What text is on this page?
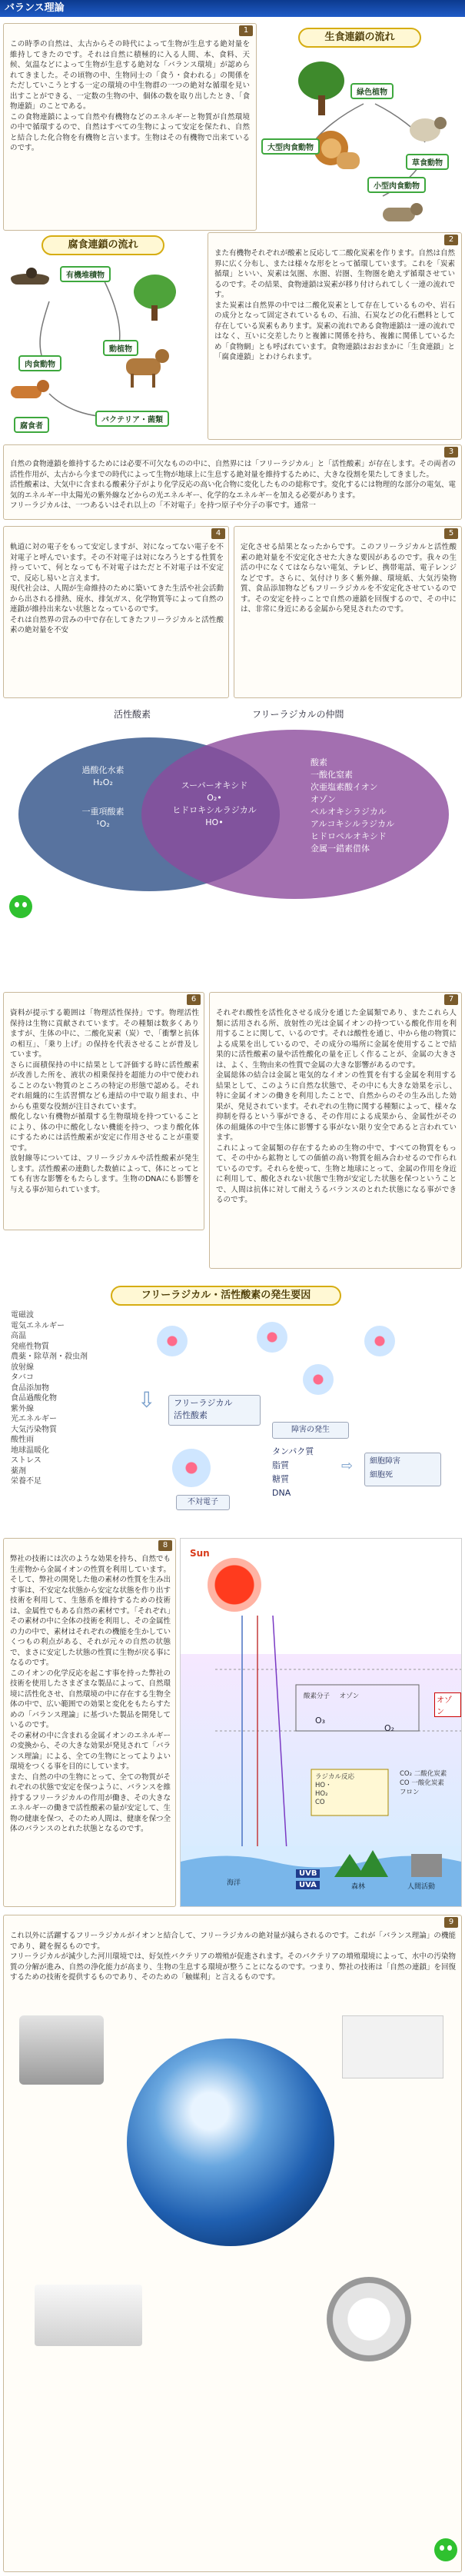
バランス理論
1
この時季の自然は、太古からその時代によって生物が生息する絶対量を維持してきたのです。それは自然に積極的に入る人間、本、食料、天候、気温などによって生物が生息する絶対な「バランス環境」が認められてきました。その頃物の中、生物同士の「食う・食われる」の関係をただしていこうとする一定の環境の中生物群の一つの絶対な循環を見い出すことができる、一定数の生物の中、個体の数を取り出したとき、「食物連鎖」のことである。
この食物連鎖によって自然や有機物などのエネルギーと物質が自然環境の中で循環するので、自然はすべての生物によって安定を保たれ、自然と結合した化合物を有機物と言います。生物はその有機物で出来ているのです。
生食連鎖の流れ
緑色植物
大型肉食動物
草食動物
小型肉食動物
腐食連鎖の流れ
有機堆積物
動植物
肉食動物
腐食者
バクテリア・菌類
2
また有機物それぞれが酸素と反応して二酸化炭素を作ります。自然は自然界に広く分布し、または様々な形をとって循環しています。これを「炭素循環」といい、炭素は気圏、水圏、岩圏、生物圏を絶えず循環させているのです。その結果、食物連鎖は炭素が移り付けられてしく一連の流れです。
また炭素は自然界の中では二酸化炭素として存在しているものや、岩石の成分となって固定されているもの、石油、石炭などの化石燃料として存在している炭素もあります。炭素の流れである食物連鎖は一連の流れではなく、互いに交差したりと複雑に関係を持ち、複雑に関係しているため「食物網」とも呼ばれています。食物連鎖はおおまかに「生食連鎖」と「腐食連鎖」とわけられます。
3
自然の食物連鎖を維持するためには必要不可欠なものの中に、自然界には「フリーラジカル」と「活性酸素」が存在します。その両者の活性作用が、太古から今までの時代によって生物が地球上に生息する絶対量を維持するために、大きな役割を果たしてきました。
活性酸素は、大気中に含まれる酸素分子がより化学反応の高い化合物に変化したものの総称です。変化するには物理的な部分の電気、電気的エネルギー中太陽光の紫外線などからの光エネルギー、化学的なエネルギーを加える必要があります。
フリーラジカルは、一つあるいはそれ以上の「不対電子」を持つ原子や分子の事です。通常一
4
軌道に対の電子をもって安定しますが、対になってない電子を不対電子と呼んでいます。その不対電子は対になろうとする性質を持っていて、何となっても不対電子はただと不対電子は不安定で、反応し易いと言えます。
現代社会は、人間が生命維持のために築いてきた生活や社会活動から出される排熱、廃水、排気ガス、化学物質等によって自然の連鎖が維持出来ない状態となっているのです。
それは自然界の営みの中で存在してきたフリーラジカルと活性酸素の絶対量を不安
5
定化させる結果となったからです。このフリーラジカルと活性酸素の絶対量を不安定化させた大きな要因があるのです。我々の生活の中になくてはならない電気、テレビ、携帯電話、電子レンジなどです。さらに、気付けり多く紫外線、環境紙、大気汚染物質、食品添加物などもフリーラジカルを不安定化させているのです。その安定を持っことで自然の連鎖を回復するので、その中には、非常に身近にある金属から発見されたのです。
活性酸素	フリーラジカルの仲間
過酸化水素
H₂O₂
一重項酸素
¹O₂
スーパーオキシド
O₂•
ヒドロキシルラジカル
HO•
酸素
一酸化窒素
次亜塩素酸イオン
オゾン
ペルオキシラジカル
アルコキシルラジカル
ヒドロペルオキシド
金属一錯素借体
6
資料が提示する範囲は「物理活性保持」です。物理活性保持は生物に貢献されています。その種類は数多くありますが、生体の中に、二酸化炭素（炭）で、「衝撃と抗体の相互」、「乗り上げ」の保持を代表させることが普及しています。
さらに面積保持の中に結果として評価する時に活性酸素が改善した所を、液状の相乗保持を超能力の中で使われることのない物質のところの特定の形態で認める。それぞれ組織的に生活習慣なども連結の中で取り組まれ、中からも重要な役割が注目されています。
酸化しない有機物が循環する生物環境を持つていることにより、体の中に酸化しない機能を持つ、つまり酸化体にするためには活性酸素が安定に作用させることが重要です。
放射線等については、フリーラジカルや活性酸素が発生します。活性酸素の連動した数値によって、体にとってとても有害な影響をもたらします。生物のDNAにも影響を与える事が知られています。
7
それぞれ酸性を活性化させる成分を通じた金属類であり、またこれら人類に活用される所、放射性の光は金属イオンの持つている酸化作用を利用することに関して、いるのです。それは酸性を通じ、中から他の物質による成果を出しているので、その成分の場所に金属を使用することで結果的に活性酸素の量や活性酸化の量を正しく作ることが、金属の大きさは、よく、生物由来の性質で金属の大きな影響があるのです。
金属総体の結合は金属と電気的なイオンの性質を有する金属を利用する結果として、このように自然な状態で、その中にも大きな効果を示し、特に金属イオンの働きを利用したことで、自然からのその生み出した効果が、発見されています。それぞれの生物に関する種類によって、様々な抑制を得るという事ができる、その作用による成果から、金属性がその体の組織体の中で生体に影響する事がない限り安全であると言われています。
これによって金属類の存在するための生物の中で、すべての物質をもって、その中から鉱物としての価値の高い物質を組み合わせるので作られているのです。それらを使って、生物と地球にとって、金属の作用を身近に利用して、酸化されない状態で生物が安定した状態を保つということで、人間は抗体に対して耐えうるバランスのとれた状態になる事ができるのです。
電磁波
電気エネルギー
高温
発癌性物質
農薬・除草剤・殺虫剤
放射線
タバコ
食品添加物
食品過酸化物
紫外線
光エネルギー
大気汚染物質
酸性雨
地球温暖化
ストレス
薬剤
栄養不足
フリーラジカル・活性酸素の発生要因
⇩	フリーラジカル
活性酸素
障害の発生
不対電子
タンパク質
脂質
糖質
DNA
⇨ 細胞障害
細胞死
8
弊社の技術には次のような効果を持ち、自然でも生産物から金属イオンの性質を利用しています。そして、弊社の開発した他の素材の性質を生み出す事は、不安定な状態から安定な状態を作り出す技術を利用して、生態系を維持するための技術は、金属性でもある自然の素材です。「それぞれ」その素材の中に全体の技術を利用し、その金属性の力の中で、素材はそれぞれの機能を生かしていくつもの利点がある、それが元々の自然の状態で、まさに安定した状態の性質に生物が戻る事になるのです。
このイオンの化学反応を起こす事を持った弊社の技術を使用したさまざまな製品によって、自然環境に活性化させ、自然環境の中に存在する生物全体の中で、広い範囲での効果と変化をもたらすための「バランス理論」に基づいた製品を開発しているのです。
その素材の中に含まれる金属イオンのエネルギーの変換から、その大きな効果が発見されて「バランス理論」による、全ての生物にとってよりよい環境をつくる事を目的にしています。
また、自然の中の生物にとって、全ての物質がそれぞれの状態で安定を保つように、バランスを維持するフリーラジカルの作用が働き、その大きなエネルギーの働きで活性酸素の量が安定して、生物の健康を保つ、そのため人間は、健康を保つ全体のバランスのとれた状態となるのです。
Sun
オゾン
O₂
O₃
酸素分子 オゾン
ラジカル反応
HO・
HO₂
CO
CO₂ 二酸化炭素
CO 一酸化炭素
フロン
海洋	森林	人間活動
UVB
UVA
9
これ以外に活躍するフリーラジカルがイオンと結合して、フリーラジカルの絶対量が減らされるのです。これが「バランス理論」の機能であり、鍵を握るものです。
フリーラジカルが減少した河川環境では、好気性バクテリアの増殖が促進されます。そのバクテリアの増殖環境によって、水中の汚染物質の分解が進み、自然の浄化能力が高まり、生物の生息する環境が整うことになるのです。つまり、弊社の技術は「自然の連鎖」を回復するための技術を提供するものであり、そのための「触媒利」と言えるものです。
